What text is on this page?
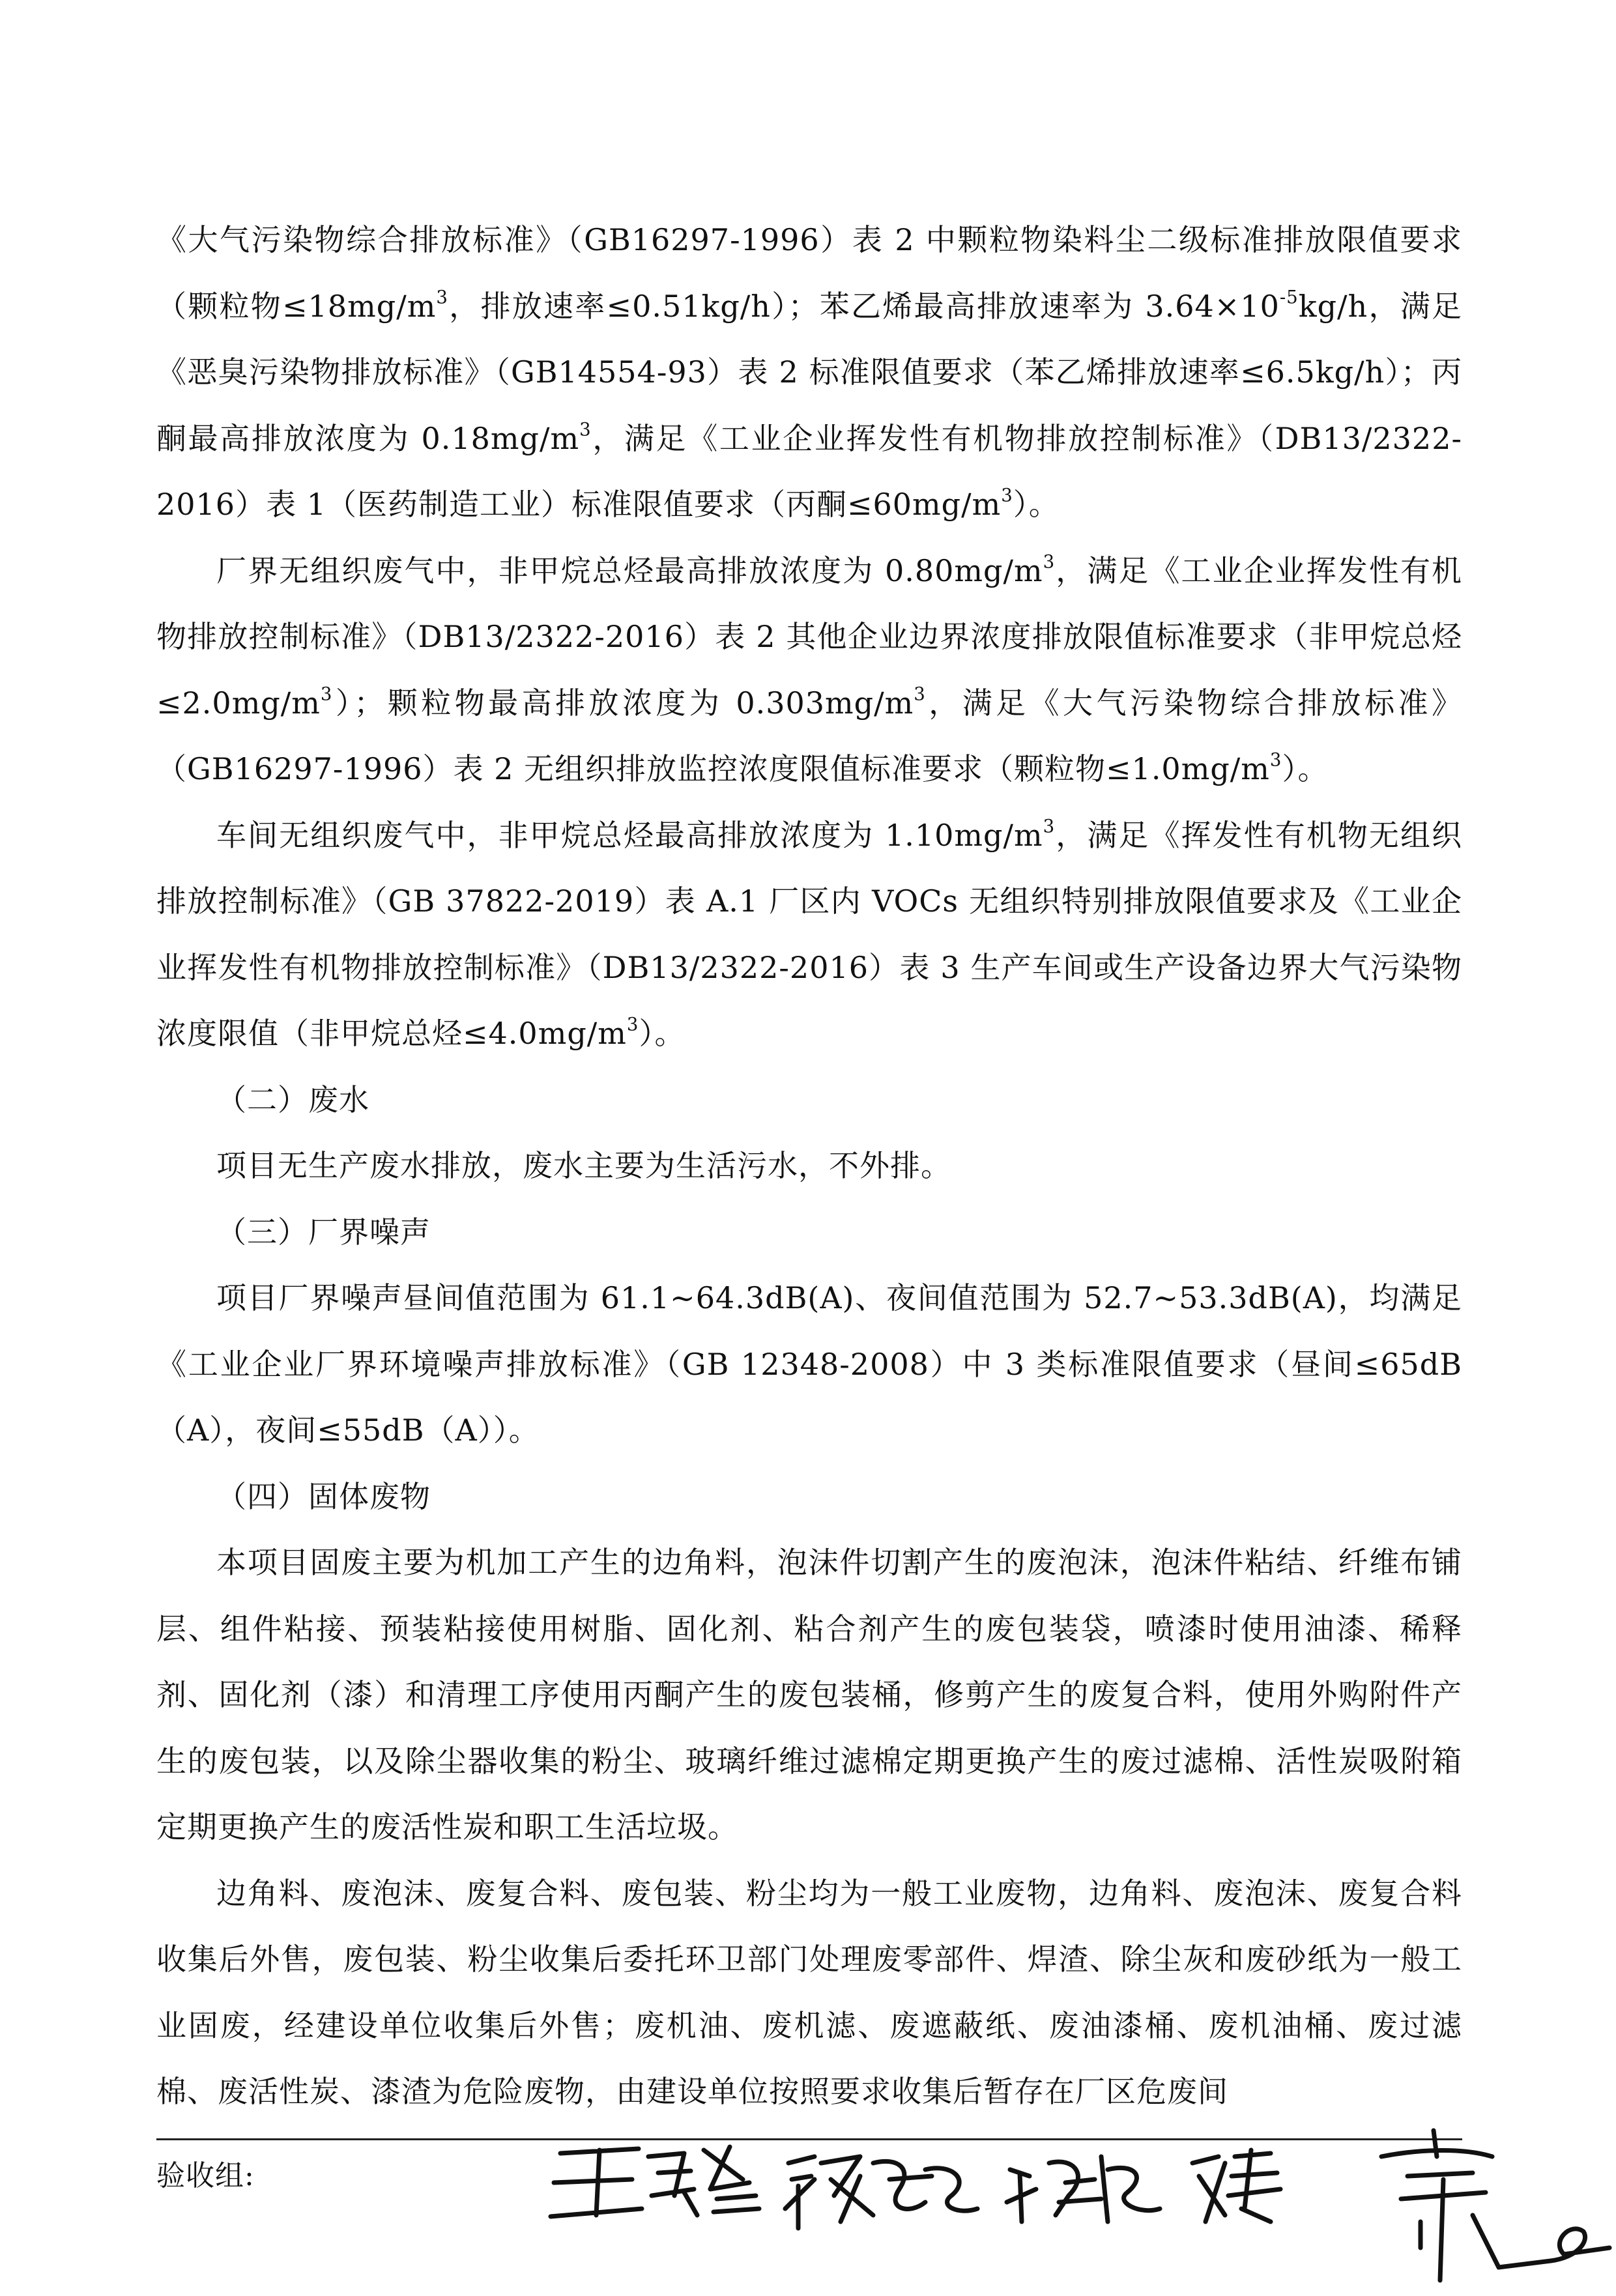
《大气污染物综合排放标准》（GB16297-1996）表 2 中颗粒物染料尘二级标准排放限值要求（颗粒物$\le 18mg/m^3$，排放速率≤0.51kg/h）；苯乙烯最高排放速率为 $3.64\times 10^{-5}kg/h$，满足《恶臭污染物排放标准》（GB14554-93）表 2 标准限值要求（苯乙烯排放速率≤6.5kg/h）；丙酮最高排放浓度为 $0.18mg/m^3$，满足《工业企业挥发性有机物排放控制标准》（DB13/2322-2016）表 1（医药制造工业）标准限值要求（丙酮$\le 60mg/m^3$）。

厂界无组织废气中，非甲烷总烃最高排放浓度为 $0.80mg/m^3$，满足《工业企业挥发性有机物排放控制标准》（DB13/2322-2016）表 2 其他企业边界浓度排放限值标准要求（非甲烷总烃$\le 2.0mg/m^3$）；颗粒物最高排放浓度为 $0.303mg/m^3$，满足《大气污染物综合排放标准》（GB16297-1996）表 2 无组织排放监控浓度限值标准要求（颗粒物$\le 1.0mg/m^3$）。

车间无组织废气中，非甲烷总烃最高排放浓度为 $1.10mg/m^3$，满足《挥发性有机物无组织排放控制标准》（GB 37822-2019）表 A.1 厂区内 VOCs 无组织特别排放限值要求及《工业企业挥发性有机物排放控制标准》（DB13/2322-2016）表 3 生产车间或生产设备边界大气污染物浓度限值（非甲烷总烃$\le 4.0mg/m^3$）。

（二）废水

项目无生产废水排放，废水主要为生活污水，不外排。

（三）厂界噪声

项目厂界噪声昼间值范围为 61.1~64.3dB(A)、夜间值范围为 52.7~53.3dB(A)，均满足《工业企业厂界环境噪声排放标准》（GB 12348-2008）中 3 类标准限值要求（昼间≤65dB（A），夜间≤55dB（A））。

（四）固体废物

本项目固废主要为机加工产生的边角料，泡沫件切割产生的废泡沫，泡沫件粘结、纤维布铺层、组件粘接、预装粘接使用树脂、固化剂、粘合剂产生的废包装袋，喷漆时使用油漆、稀释剂、固化剂（漆）和清理工序使用丙酮产生的废包装桶，修剪产生的废复合料，使用外购附件产生的废包装，以及除尘器收集的粉尘、玻璃纤维过滤棉定期更换产生的废过滤棉、活性炭吸附箱定期更换产生的废活性炭和职工生活垃圾。

边角料、废泡沫、废复合料、废包装、粉尘均为一般工业废物，边角料、废泡沫、废复合料收集后外售，废包装、粉尘收集后委托环卫部门处理废零部件、焊渣、除尘灰和废砂纸为一般工业固废，经建设单位收集后外售；废机油、废机滤、废遮蔽纸、废油漆桶、废机油桶、废过滤棉、废活性炭、漆渣为危险废物，由建设单位按照要求收集后暂存在厂区危废间

验收组:
